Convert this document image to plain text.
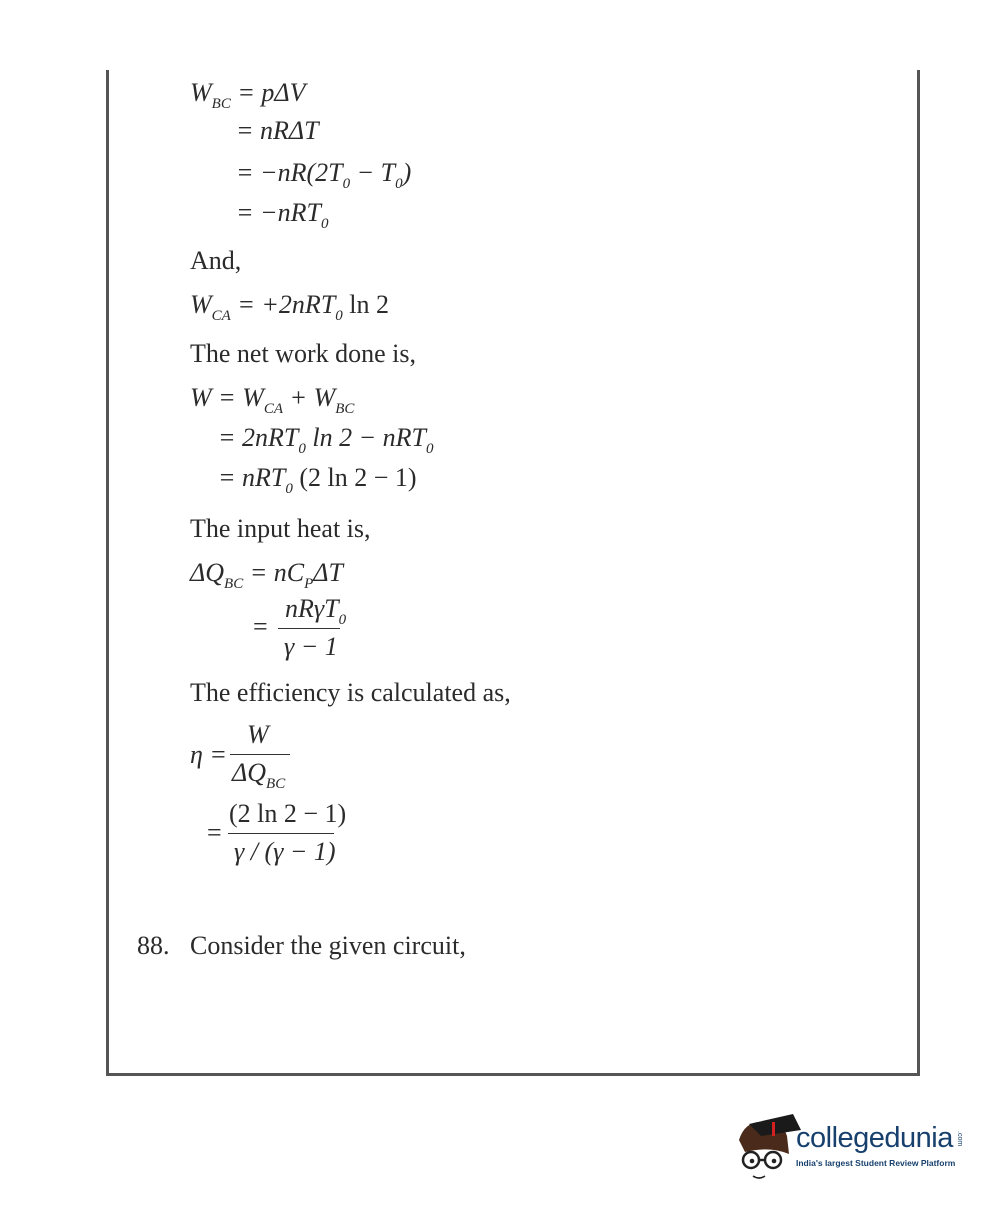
$W_{BC} = p\Delta V$
= nRΔT
= $-nR(2T_0 - T_0)$
= −nRT$_0$
And,
$W_{CA} = +2nRT_0$ ln 2
The net work done is,
$W = W_{CA} + W_{BC}$
= 2nRT$_0$ ln 2 − nRT$_0$
= nRT$_0$ (2 ln 2 − 1)
The input heat is,
$\Delta Q_{BC} = nC_P\Delta T$
=
nRγT$_0$
γ − 1
The efficiency is calculated as,
η =
W
$\Delta Q_{BC}$
=
(2 ln 2 − 1)
γ / (γ − 1)
88. Consider the given circuit,
collegedunia .com
India's largest Student Review Platform
